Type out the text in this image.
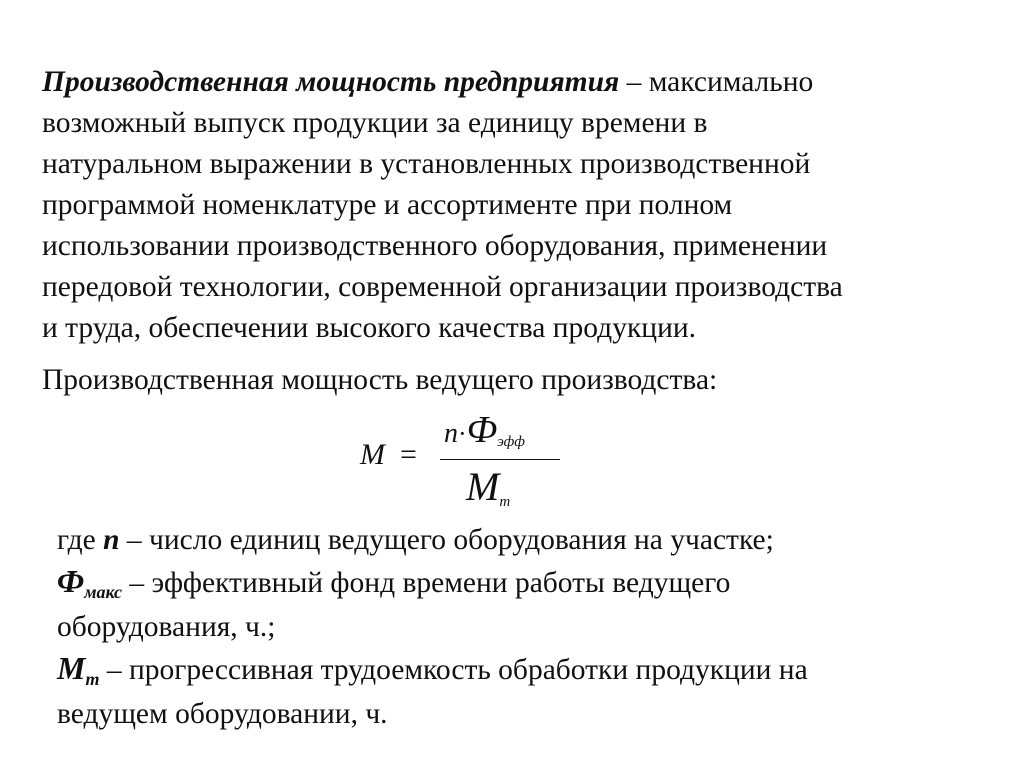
Производственная мощность предприятия – максимально
возможный выпуск продукции за единицу времени в
натуральном выражении в установленных производственной
программой номенклатуре и ассортименте при полном
использовании производственного оборудования, применении
передовой технологии, современной организации производства
и труда, обеспечении высокого качества продукции.

Производственная мощность ведущего производства:

M =
n·Фэфф
Mт
где n – число единиц ведущего оборудования на участке;
$Ф_{макс}$ – эффективный фонд времени работы ведущего
оборудования, ч.;
$М_т$ – прогрессивная трудоемкость обработки продукции на
ведущем оборудовании, ч.
